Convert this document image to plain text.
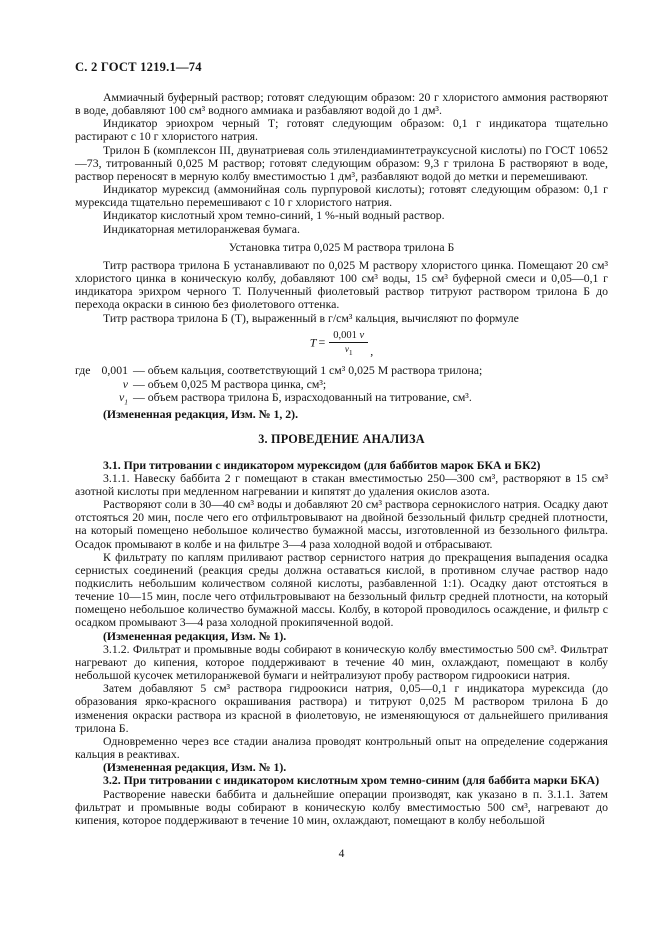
С. 2 ГОСТ 1219.1—74

Аммиачный буферный раствор; готовят следующим образом: 20 г хлористого аммония растворяют в воде, добавляют 100 см³ водного аммиака и разбавляют водой до 1 дм³.

Индикатор эриохром черный Т; готовят следующим образом: 0,1 г индикатора тщательно растирают с 10 г хлористого натрия.

Трилон Б (комплексон III, двунатриевая соль этилендиаминтетрауксусной кислоты) по ГОСТ 10652—73, титрованный 0,025 М раствор; готовят следующим образом: 9,3 г трилона Б растворяют в воде, раствор переносят в мерную колбу вместимостью 1 дм³, разбавляют водой до метки и перемешивают.

Индикатор мурексид (аммонийная соль пурпуровой кислоты); готовят следующим образом: 0,1 г мурексида тщательно перемешивают с 10 г хлористого натрия.

Индикатор кислотный хром темно-синий, 1 %-ный водный раствор.

Индикаторная метилоранжевая бумага.

Установка титра 0,025 М раствора трилона Б

Титр раствора трилона Б устанавливают по 0,025 М раствору хлористого цинка. Помещают 20 см³ хлористого цинка в коническую колбу, добавляют 100 см³ воды, 15 см³ буферной смеси и 0,05—0,1 г индикатора эрихром черного Т. Полученный фиолетовый раствор титруют раствором трилона Б до перехода окраски в синюю без фиолетового оттенка.

Титр раствора трилона Б (Т), выраженный в г/см³ кальция, вычисляют по формуле

$T = \frac{0,001 v}{v_1}$ ,
где 0,001 — объем кальция, соответствующий 1 см³ 0,025 М раствора трилона;
v — объем 0,025 М раствора цинка, см³;
$v_1$ — объем раствора трилона Б, израсходованный на титрование, см³.

(Измененная редакция, Изм. № 1, 2).

3. ПРОВЕДЕНИЕ АНАЛИЗА

3.1. При титровании с индикатором мурексидом (для баббитов марок БКА и БК2)

3.1.1. Навеску баббита 2 г помещают в стакан вместимостью 250—300 см³, растворяют в 15 см³ азотной кислоты при медленном нагревании и кипятят до удаления окислов азота.

Растворяют соли в 30—40 см³ воды и добавляют 20 см³ раствора сернокислого натрия. Осадку дают отстояться 20 мин, после чего его отфильтровывают на двойной беззольный фильтр средней плотности, на который помещено небольшое количество бумажной массы, изготовленной из беззольного фильтра. Осадок промывают в колбе и на фильтре 3—4 раза холодной водой и отбрасывают.

К фильтрату по каплям приливают раствор сернистого натрия до прекращения выпадения осадка сернистых соединений (реакция среды должна оставаться кислой, в противном случае раствор надо подкислить небольшим количеством соляной кислоты, разбавленной 1:1). Осадку дают отстояться в течение 10—15 мин, после чего отфильтровывают на беззольный фильтр средней плотности, на который помещено небольшое количество бумажной массы. Колбу, в которой проводилось осаждение, и фильтр с осадком промывают 3—4 раза холодной прокипяченной водой.

(Измененная редакция, Изм. № 1).

3.1.2. Фильтрат и промывные воды собирают в коническую колбу вместимостью 500 см³. Фильтрат нагревают до кипения, которое поддерживают в течение 40 мин, охлаждают, помещают в колбу небольшой кусочек метилоранжевой бумаги и нейтрализуют пробу раствором гидроокиси натрия.

Затем добавляют 5 см³ раствора гидроокиси натрия, 0,05—0,1 г индикатора мурексида (до образования ярко-красного окрашивания раствора) и титруют 0,025 М раствором трилона Б до изменения окраски раствора из красной в фиолетовую, не изменяющуюся от дальнейшего приливания трилона Б.

Одновременно через все стадии анализа проводят контрольный опыт на определение содержания кальция в реактивах.

(Измененная редакция, Изм. № 1).

3.2. При титровании с индикатором кислотным хром темно-синим (для баббита марки БКА)

Растворение навески баббита и дальнейшие операции производят, как указано в п. 3.1.1. Затем фильтрат и промывные воды собирают в коническую колбу вместимостью 500 см³, нагревают до кипения, которое поддерживают в течение 10 мин, охлаждают, помещают в колбу небольшой

4
